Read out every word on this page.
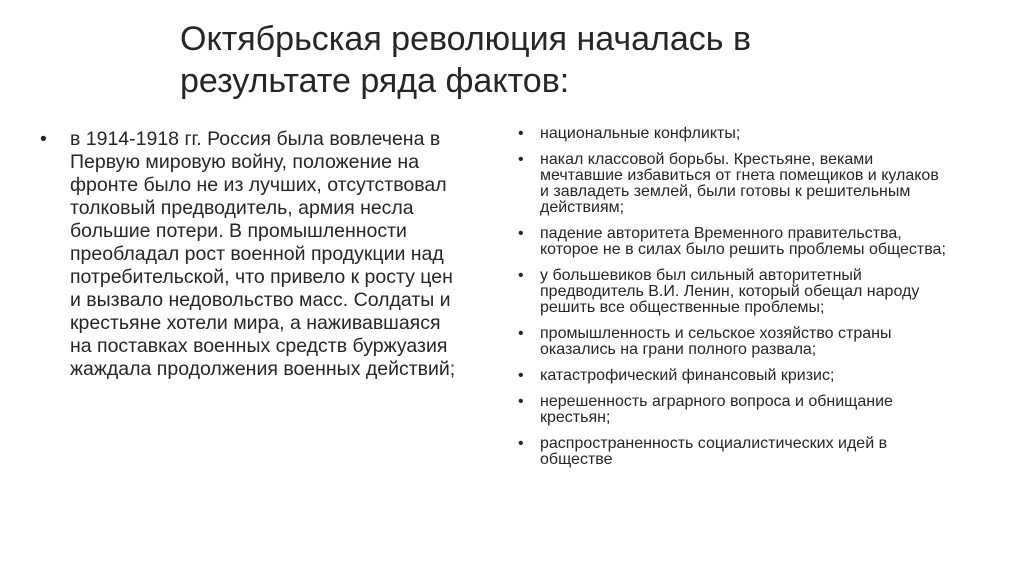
Октябрьская революция началась в результате ряда фактов:
• в 1914-1918 гг. Россия была вовлечена в Первую мировую войну, положение на фронте было не из лучших, отсутствовал толковый предводитель, армия несла большие потери. В промышленности преобладал рост военной продукции над потребительской, что привело к росту цен и вызвало недовольство масс. Солдаты и крестьяне хотели мира, а наживавшаяся на поставках военных средств буржуазия жаждала продолжения военных действий;
• национальные конфликты;
• накал классовой борьбы. Крестьяне, веками мечтавшие избавиться от гнета помещиков и кулаков и завладеть землей, были готовы к решительным действиям;
• падение авторитета Временного правительства, которое не в силах было решить проблемы общества;
• у большевиков был сильный авторитетный предводитель В.И. Ленин, который обещал народу решить все общественные проблемы;
• промышленность и сельское хозяйство страны оказались на грани полного развала;
• катастрофический финансовый кризис;
• нерешенность аграрного вопроса и обнищание крестьян;
• распространенность социалистических идей в обществе
